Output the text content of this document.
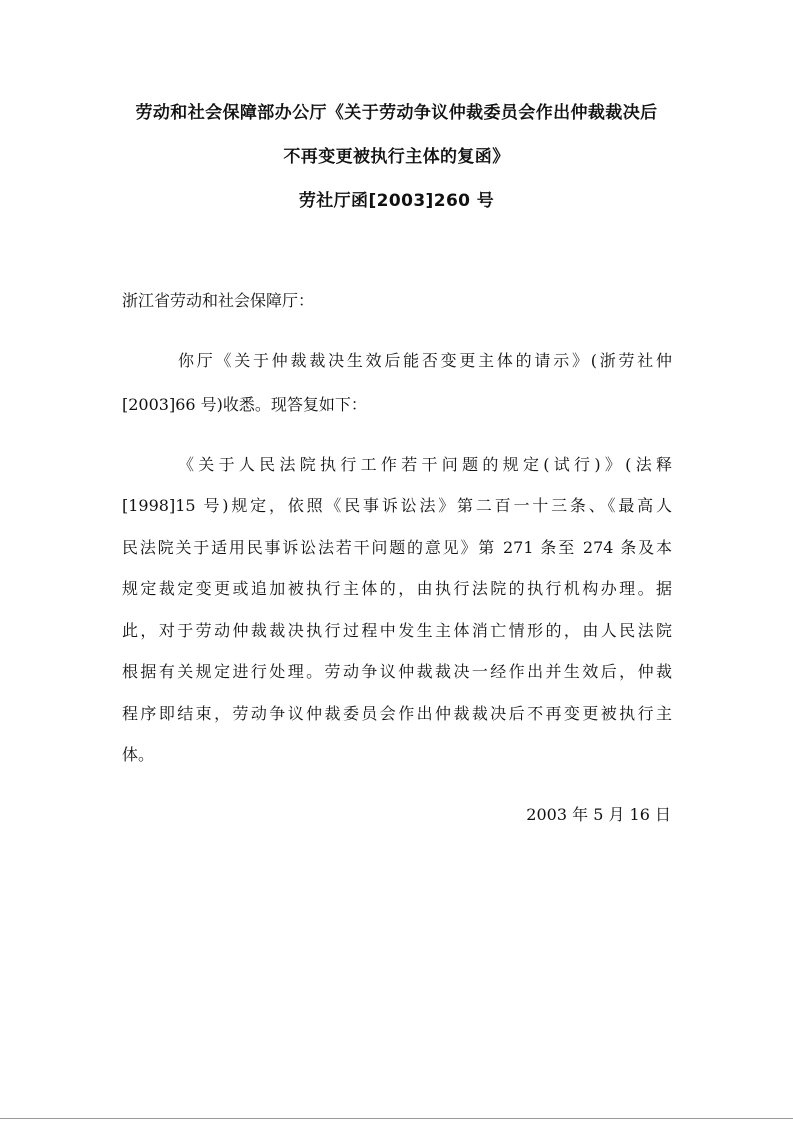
劳动和社会保障部办公厅《关于劳动争议仲裁委员会作出仲裁裁决后
不再变更被执行主体的复函》
劳社厅函[2003]260 号
浙江省劳动和社会保障厅：
你厅《关于仲裁裁决生效后能否变更主体的请示》(浙劳社仲
[2003]66 号)收悉。现答复如下：
《关于人民法院执行工作若干问题的规定(试行)》(法释
[1998]15 号)规定，依照《民事诉讼法》第二百一十三条、《最高人
民法院关于适用民事诉讼法若干问题的意见》第 271 条至 274 条及本
规定裁定变更或追加被执行主体的，由执行法院的执行机构办理。据
此，对于劳动仲裁裁决执行过程中发生主体消亡情形的，由人民法院
根据有关规定进行处理。劳动争议仲裁裁决一经作出并生效后，仲裁
程序即结束，劳动争议仲裁委员会作出仲裁裁决后不再变更被执行主
体。
2003 年 5 月 16 日
